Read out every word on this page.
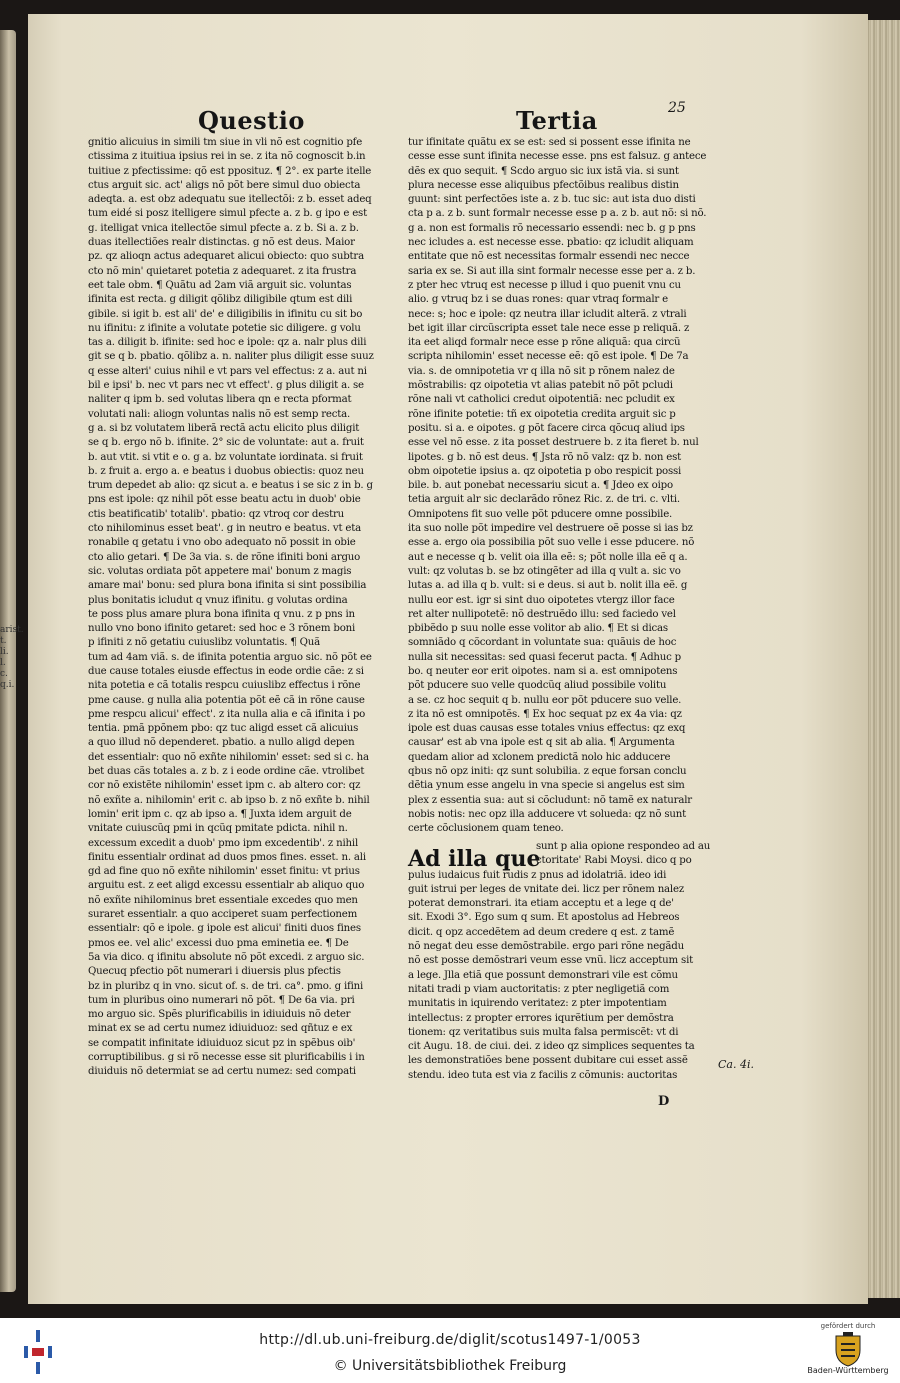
arist.
t. li. l.
c. q.i.
Questio	Tertia	25
gnitio alicuius in simili tm siue in vli nõ est cognitio pfe
ctissima z ituitiua ipsius rei in se. z ita nõ cognoscit b.in
tuitiue z pfectissime: qõ est pposituz. ¶ 2°. ex parte itelle
ctus arguit sic. act' aligs nõ põt bere simul duo obiecta
adeqta. a. est obz adequatu sue itellectõi: z b. esset adeq
tum eidé si posz itelligere simul pfecte a. z b. g ipo e est
g. itelligat vnica itellectõe simul pfecte a. z b. Si a. z b.
duas itellectiões realr distinctas. g nõ est deus. Maior
pz. qz alioqn actus adequaret alicui obiecto: quo subtra
cto nõ min' quietaret potetia z adequaret. z ita frustra
eet tale obm. ¶ Quãtu ad 2am viã arguit sic. voluntas
ifinita est recta. g diligit qõlibz diligibile qtum est dili
gibile. si igit b. est ali' de' e diligibilis in ifinitu cu sit bo
nu ifinitu: z ifinite a volutate potetie sic diligere. g volu
tas a. diligit b. ifinite: sed hoc e ipole: qz a. nalr plus dili
git se q b. pbatio. qõlibz a. n. naliter plus diligit esse suuz
q esse alteri' cuius nihil e vt pars vel effectus: z a. aut ni
bil e ipsi' b. nec vt pars nec vt effect'. g plus diligit a. se
naliter q ipm b. sed volutas libera qn e recta pformat
volutati nali: aliogn voluntas nalis nõ est semp recta.
g a. si bz volutatem liberã rectã actu elicito plus diligit
se q b. ergo nõ b. ifinite. 2° sic de voluntate: aut a. fruit
b. aut vtit. si vtit e o. g a. bz voluntate iordinata. si fruit
b. z fruit a. ergo a. e beatus i duobus obiectis: quoz neu
trum depedet ab alio: qz sicut a. e beatus i se sic z in b. g
pns est ipole: qz nihil põt esse beatu actu in duob' obie
ctis beatificatib' totalib'. pbatio: qz vtroq cor destru
cto nihilominus esset beat'. g in neutro e beatus. vt eta
ronabile q getatu i vno obo adequato nõ possit in obie
cto alio getari. ¶ De 3a via. s. de rõne ifiniti boni arguo
sic. volutas ordiata põt appetere mai' bonum z magis
amare mai' bonu: sed plura bona ifinita si sint possibilia
plus bonitatis icludut q vnuz ifinitu. g volutas ordina
te poss plus amare plura bona ifinita q vnu. z p pns in
nullo vno bono ifinito getaret: sed hoc e 3 rõnem boni
p ifiniti z nõ getatiu cuiuslibz voluntatis. ¶ Quã
tum ad 4am viã. s. de ifinita potentia arguo sic. nõ põt ee
due cause totales eiusde effectus in eode ordie cãe: z si
nita potetia e cã totalis respcu cuiuslibz effectus i rõne
pme cause. g nulla alia potentia põt eẽ cã in rõne cause
pme respcu alicui' effect'. z ita nulla alia e cã ifinita i po
tentia. pmã ppõnem pbo: qz tuc aligd esset cã alicuius
a quo illud nõ dependeret. pbatio. a nullo aligd depen
det essentialr: quo nõ exñte nihilomin' esset: sed si c. ha
bet duas cãs totales a. z b. z i eode ordine cãe. vtrolibet
cor nõ existẽte nihilomin' esset ipm c. ab altero cor: qz
nõ exñte a. nihilomin' erit c. ab ipso b. z nõ exñte b. nihil
lomin' erit ipm c. qz ab ipso a. ¶ Juxta idem arguit de
vnitate cuiuscũq pmi in qcũq pmitate pdicta. nihil n.
excessum excedit a duob' pmo ipm excedentib'. z nihil
finitu essentialr ordinat ad duos pmos fines. esset. n. ali
gd ad fine quo nõ exñte nihilomin' esset finitu: vt prius
arguitu est. z eet aligd excessu essentialr ab aliquo quo
nõ exñte nihilominus bret essentiale excedes quo men
suraret essentialr. a quo acciperet suam perfectionem
essentialr: qõ e ipole. g ipole est alicui' finiti duos fines
pmos ee. vel alic' excessi duo pma eminetia ee. ¶ De
5a via dico. q ifinitu absolute nõ põt excedi. z arguo sic.
Quecuq pfectio põt numerari i diuersis plus pfectis
bz in pluribz q in vno. sicut of. s. de tri. ca°. pmo. g ifini
tum in pluribus oino numerari nõ põt. ¶ De 6a via. pri
mo arguo sic. Spẽs plurificabilis in idiuiduis nõ deter
minat ex se ad certu numez idiuiduoz: sed qñtuz e ex
se compatit infinitate idiuiduoz sicut pz in spẽbus oib'
corruptibilibus. g si rõ necesse esse sit plurificabilis i in
diuiduis nõ determiat se ad certu numez: sed compati
tur ifinitate quãtu ex se est: sed si possent esse ifinita ne
cesse esse sunt ifinita necesse esse. pns est falsuz. g antece
dẽs ex quo sequit. ¶ Scdo arguo sic iux istã via. si sunt
plura necesse esse aliquibus pfectõibus realibus distin
guunt: sint perfectões iste a. z b. tuc sic: aut ista duo disti
cta p a. z b. sunt formalr necesse esse p a. z b. aut nõ: si nõ.
g a. non est formalis rõ necessario essendi: nec b. g p pns
nec icludes a. est necesse esse. pbatio: qz icludit aliquam
entitate que nõ est necessitas formalr essendi nec necce
saria ex se. Si aut illa sint formalr necesse esse per a. z b.
z pter hec vtruq est necesse p illud i quo puenit vnu cu
alio. g vtruq bz i se duas rones: quar vtraq formalr e
nece: s; hoc e ipole: qz neutra illar icludit alterã. z vtrali
bet igit illar circũscripta esset tale nece esse p reliquã. z
ita eet aliqd formalr nece esse p rõne aliquã: qua circũ
scripta nihilomin' esset necesse eẽ: qõ est ipole. ¶ De 7a
via. s. de omnipotetia vr q illa nõ sit p rõnem nalez de
mõstrabilis: qz oipotetia vt alias patebit nõ põt pcludi
rõne nali vt catholici credut oipotentiã: nec pcludit ex
rõne ifinite potetie: tñ ex oipotetia credita arguit sic p
positu. si a. e oipotes. g põt facere circa qõcuq aliud ips
esse vel nõ esse. z ita posset destruere b. z ita fieret b. nul
lipotes. g b. nõ est deus. ¶ Jsta rõ nõ valz: qz b. non est
obm oipotetie ipsius a. qz oipotetia p obo respicit possi
bile. b. aut ponebat necessariu sicut a. ¶ Jdeo ex oipo
tetia arguit alr sic declarãdo rõnez Ric. z. de tri. c. vlti.
Omnipotens fit suo velle põt pducere omne possibile.
ita suo nolle põt impedire vel destruere oẽ posse si ias bz
esse a. ergo oia possibilia põt suo velle i esse pducere. nõ
aut e necesse q b. velit oia illa eẽ: s; põt nolle illa eẽ q a.
vult: qz volutas b. se bz otingẽter ad illa q vult a. sic vo
lutas a. ad illa q b. vult: si e deus. si aut b. nolit illa eẽ. g
nullu eor est. igr si sint duo oipotetes vtergz illor face
ret alter nullipotetẽ: nõ destruẽdo illu: sed faciedo vel
pbibẽdo p suu nolle esse volitor ab alio. ¶ Et si dicas
somniãdo q cõcordant in voluntate sua: quãuis de hoc
nulla sit necessitas: sed quasi fecerut pacta. ¶ Adhuc p
bo. q neuter eor erit oipotes. nam si a. est omnipotens
põt pducere suo velle quodcũq aliud possibile volitu
a se. cz hoc sequit q b. nullu eor põt pducere suo velle.
z ita nõ est omnipotẽs. ¶ Ex hoc sequat pz ex 4a via: qz
ipole est duas causas esse totales vnius effectus: qz exq
causar' est ab vna ipole est q sit ab alia. ¶ Argumenta
quedam alior ad xclonem predictã nolo hic adducere
qbus nõ opz initi: qz sunt solubilia. z eque forsan conclu
dẽtia ynum esse angelu in vna specie si angelus est sim
plex z essentia sua: aut si cõcludunt: nõ tamẽ ex naturalr
nobis notis: nec opz illa adducere vt solueda: qz nõ sunt
certe cõclusionem quam teneo.
Ad illa que
sunt p alia opione respondeo ad au
ctoritate' Rabi Moysi. dico q po
pulus iudaicus fuit rudis z pnus ad idolatriã. ideo idi
guit istrui per leges de vnitate dei. licz per rõnem nalez
poterat demonstrari. ita etiam acceptu et a lege q de'
sit. Exodi 3°. Ego sum q sum. Et apostolus ad Hebreos
dicit. q opz accedẽtem ad deum credere q est. z tamẽ
nõ negat deu esse demõstrabile. ergo pari rõne negãdu
nõ est posse demõstrari veum esse vnũ. licz acceptum sit
a lege. Jlla etiã que possunt demonstrari vile est cõmu
nitati tradi p viam auctoritatis: z pter negligetiã com
munitatis in iquirendo veritatez: z pter impotentiam
intellectus: z propter errores iqurẽtium per demõstra
tionem: qz veritatibus suis multa falsa permiscẽt: vt di
cit Augu. 18. de ciui. dei. z ideo qz simplices sequentes ta
les demonstratiões bene possent dubitare cui esset assẽ
stendu. ideo tuta est via z facilis z cõmunis: auctoritas
Ca. 4i.
D
http://dl.ub.uni-freiburg.de/diglit/scotus1497-1/0053
© Universitätsbibliothek Freiburg
gefördert durch
Baden-Württemberg
